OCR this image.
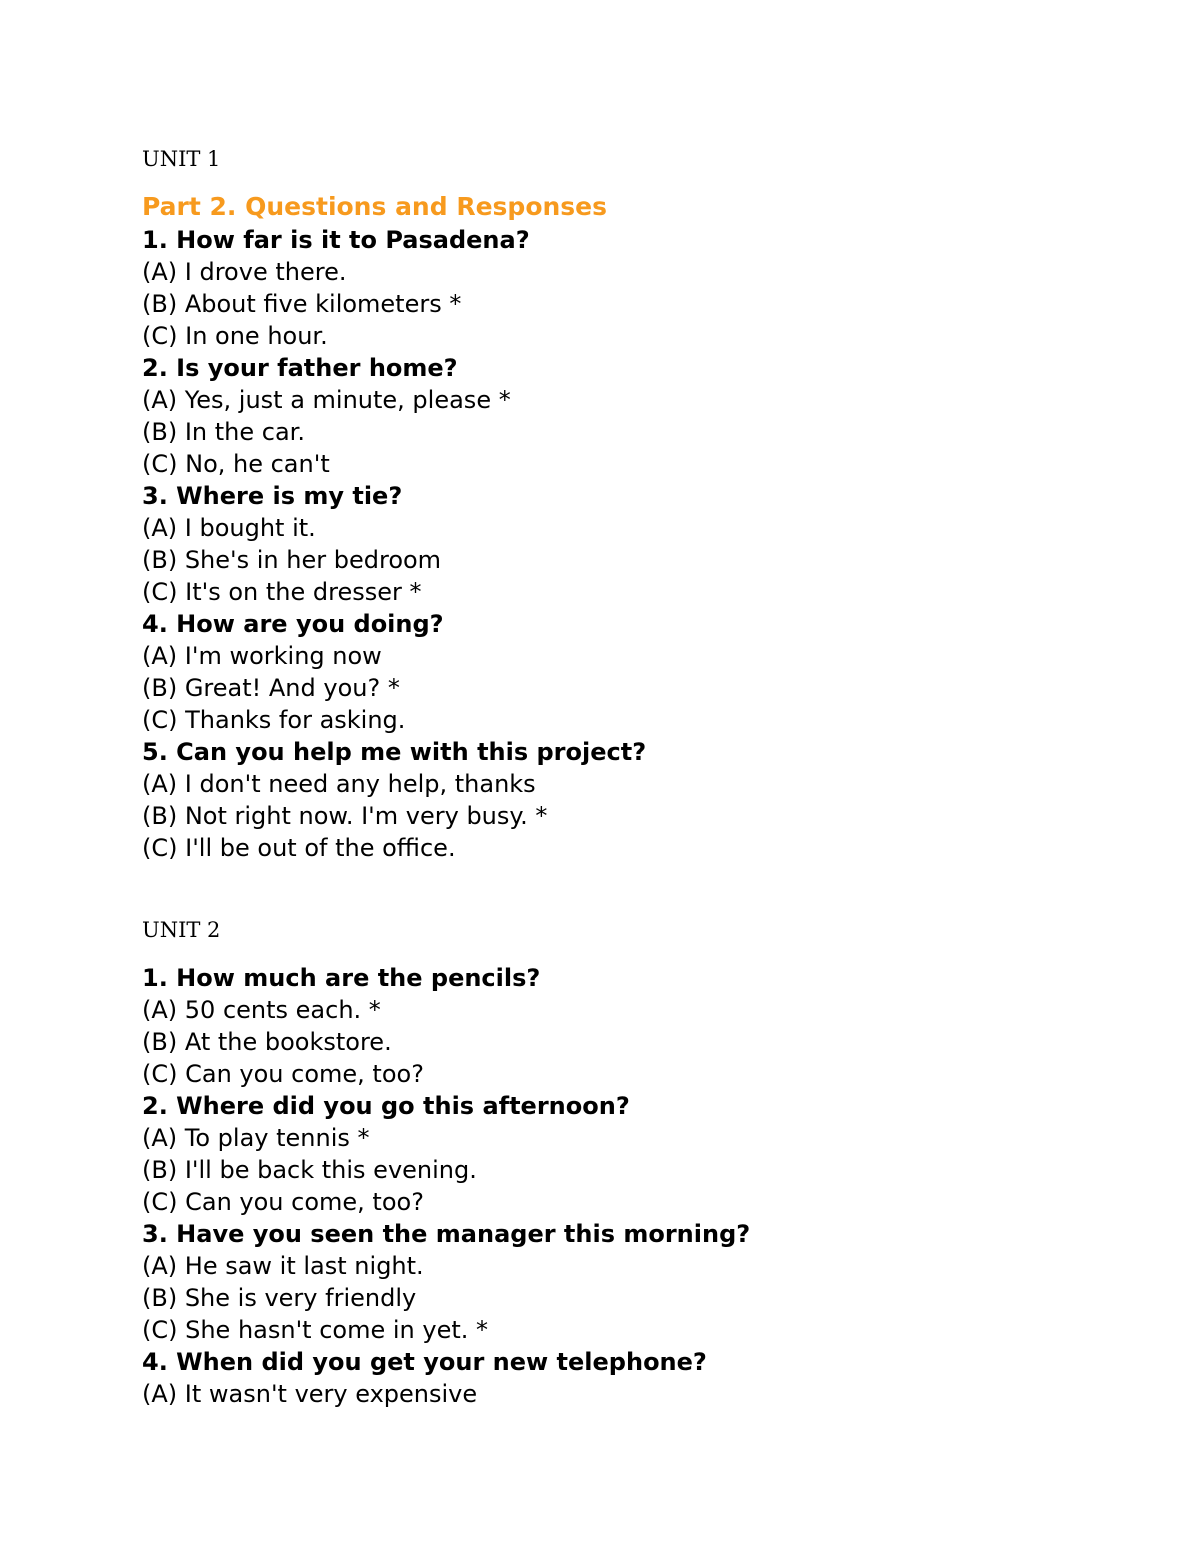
UNIT 1
Part 2. Questions and Responses
1. How far is it to Pasadena?
(A) I drove there.
(B) About five kilometers *
(C) In one hour.
2. Is your father home?
(A) Yes, just a minute, please *
(B) In the car.
(C) No, he can't
3. Where is my tie?
(A) I bought it.
(B) She's in her bedroom
(C) It's on the dresser *
4. How are you doing?
(A) I'm working now
(B) Great! And you? *
(C) Thanks for asking.
5. Can you help me with this project?
(A) I don't need any help, thanks
(B) Not right now. I'm very busy. *
(C) I'll be out of the office.
UNIT 2
1. How much are the pencils?
(A) 50 cents each. *
(B) At the bookstore.
(C) Can you come, too?
2. Where did you go this afternoon?
(A) To play tennis *
(B) I'll be back this evening.
(C) Can you come, too?
3. Have you seen the manager this morning?
(A) He saw it last night.
(B) She is very friendly
(C) She hasn't come in yet. *
4. When did you get your new telephone?
(A) It wasn't very expensive
